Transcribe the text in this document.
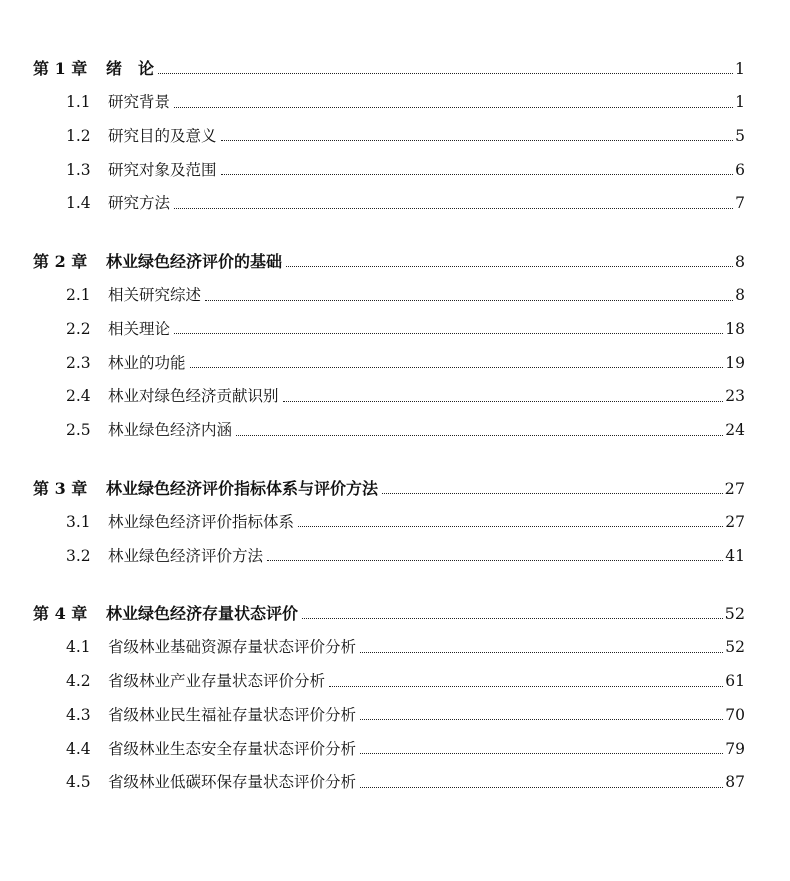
第 1 章	绪　论	1
1.1	研究背景	1
1.2	研究目的及意义	5
1.3	研究对象及范围	6
1.4	研究方法	7
第 2 章	林业绿色经济评价的基础	8
2.1	相关研究综述	8
2.2	相关理论	18
2.3	林业的功能	19
2.4	林业对绿色经济贡献识别	23
2.5	林业绿色经济内涵	24
第 3 章	林业绿色经济评价指标体系与评价方法	27
3.1	林业绿色经济评价指标体系	27
3.2	林业绿色经济评价方法	41
第 4 章	林业绿色经济存量状态评价	52
4.1	省级林业基础资源存量状态评价分析	52
4.2	省级林业产业存量状态评价分析	61
4.3	省级林业民生福祉存量状态评价分析	70
4.4	省级林业生态安全存量状态评价分析	79
4.5	省级林业低碳环保存量状态评价分析	87
